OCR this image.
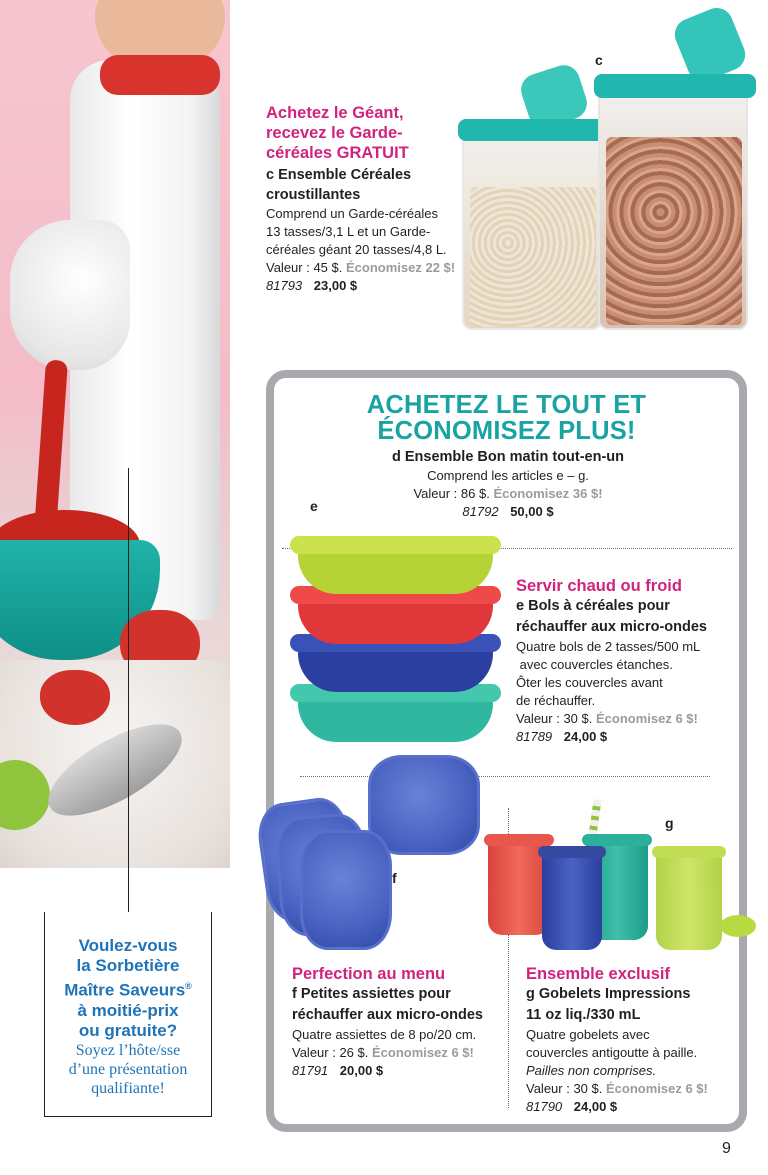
Achetez le Géant,
recevez le Garde-
céréales GRATUIT
c Ensemble Céréales
croustillantes
Comprend un Garde-céréales
13 tasses/3,1 L et un Garde-
céréales géant 20 tasses/4,8 L.
Valeur : 45 $. Économisez 22 $!
81793 23,00 $
c
Voulez-vous
la Sorbetière
Maître Saveurs®
à moitié-prix
ou gratuite?
Soyez l’hôte/sse
d’une présentation
qualifiante!
ACHETEZ LE TOUT ET
ÉCONOMISEZ PLUS!
d Ensemble Bon matin tout-en-un
Comprend les articles e – g.
Valeur : 86 $. Économisez 36 $!
81792 50,00 $
e
Servir chaud ou froid
e Bols à céréales pour
réchauffer aux micro-ondes
Quatre bols de 2 tasses/500 mL
avec couvercles étanches.
Ôter les couvercles avant
de réchauffer.
Valeur : 30 $. Économisez 6 $!
81789 24,00 $
f
Perfection au menu
f Petites assiettes pour
réchauffer aux micro-ondes
Quatre assiettes de 8 po/20 cm.
Valeur : 26 $. Économisez 6 $!
81791 20,00 $
g
Ensemble exclusif
g Gobelets Impressions
11 oz liq./330 mL
Quatre gobelets avec
couvercles antigoutte à paille.
Pailles non comprises.
Valeur : 30 $. Économisez 6 $!
81790 24,00 $
9
